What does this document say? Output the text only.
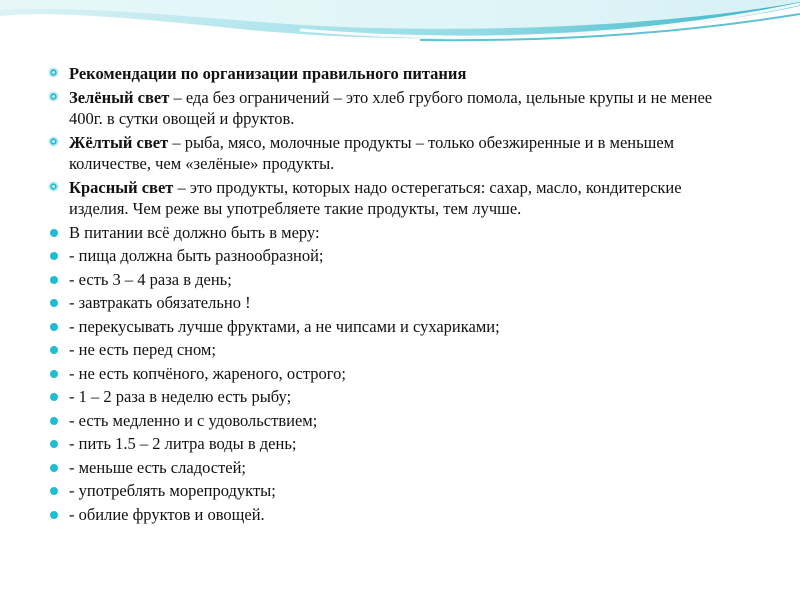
Рекомендации по организации правильного питания
Зелёный свет – еда без ограничений – это хлеб грубого помола, цельные крупы и не менее 400г. в сутки овощей и фруктов.
Жёлтый свет – рыба, мясо, молочные продукты – только обезжиренные и в меньшем количестве, чем «зелёные» продукты.
Красный свет – это продукты, которых надо остерегаться: сахар, масло, кондитерские изделия. Чем реже вы употребляете такие продукты, тем лучше.
В питании всё должно быть в меру:
- пища должна быть разнообразной;
- есть 3 – 4 раза в день;
- завтракать обязательно !
- перекусывать лучше фруктами, а не чипсами и сухариками;
- не есть перед сном;
- не есть копчёного, жареного, острого;
- 1 – 2 раза в неделю есть рыбу;
- есть медленно и с удовольствием;
- пить 1.5 – 2 литра воды в день;
- меньше есть сладостей;
- употреблять морепродукты;
- обилие фруктов и овощей.
